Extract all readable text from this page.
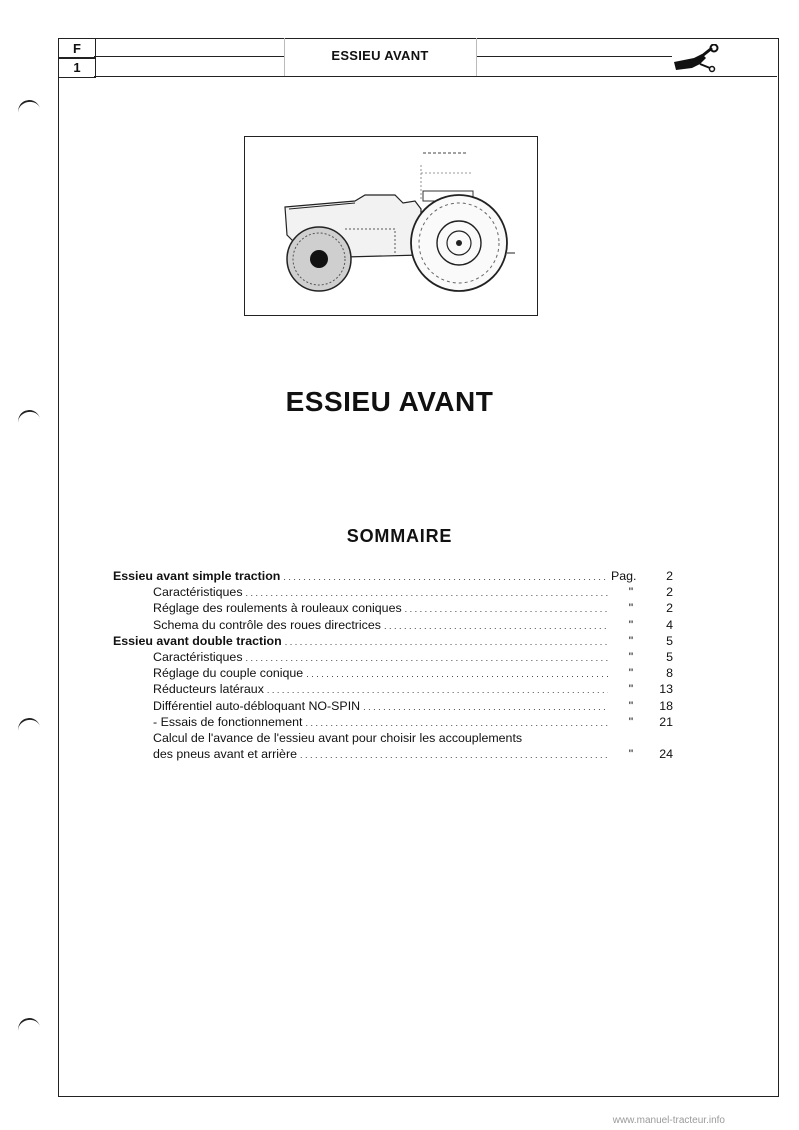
F
1
ESSIEU AVANT
ESSIEU AVANT
SOMMAIRE
Essieu avant simple traction . . .	Pag.	2
Caractéristiques . . .	"	2
Réglage des roulements à rouleaux coniques . . .	"	2
Schema du contrôle des roues directrices . . .	"	4
Essieu avant double traction . . .	"	5
Caractéristiques . . .	"	5
Réglage du couple conique . . .	"	8
Réducteurs latéraux . . .	"	13
Différentiel auto-débloquant NO-SPIN . . .	"	18
- Essais de fonctionnement . . .	"	21
Calcul de l'avance de l'essieu avant pour choisir les accouplements
des pneus avant et arrière . . .	"	24
www.manuel-tracteur.info
